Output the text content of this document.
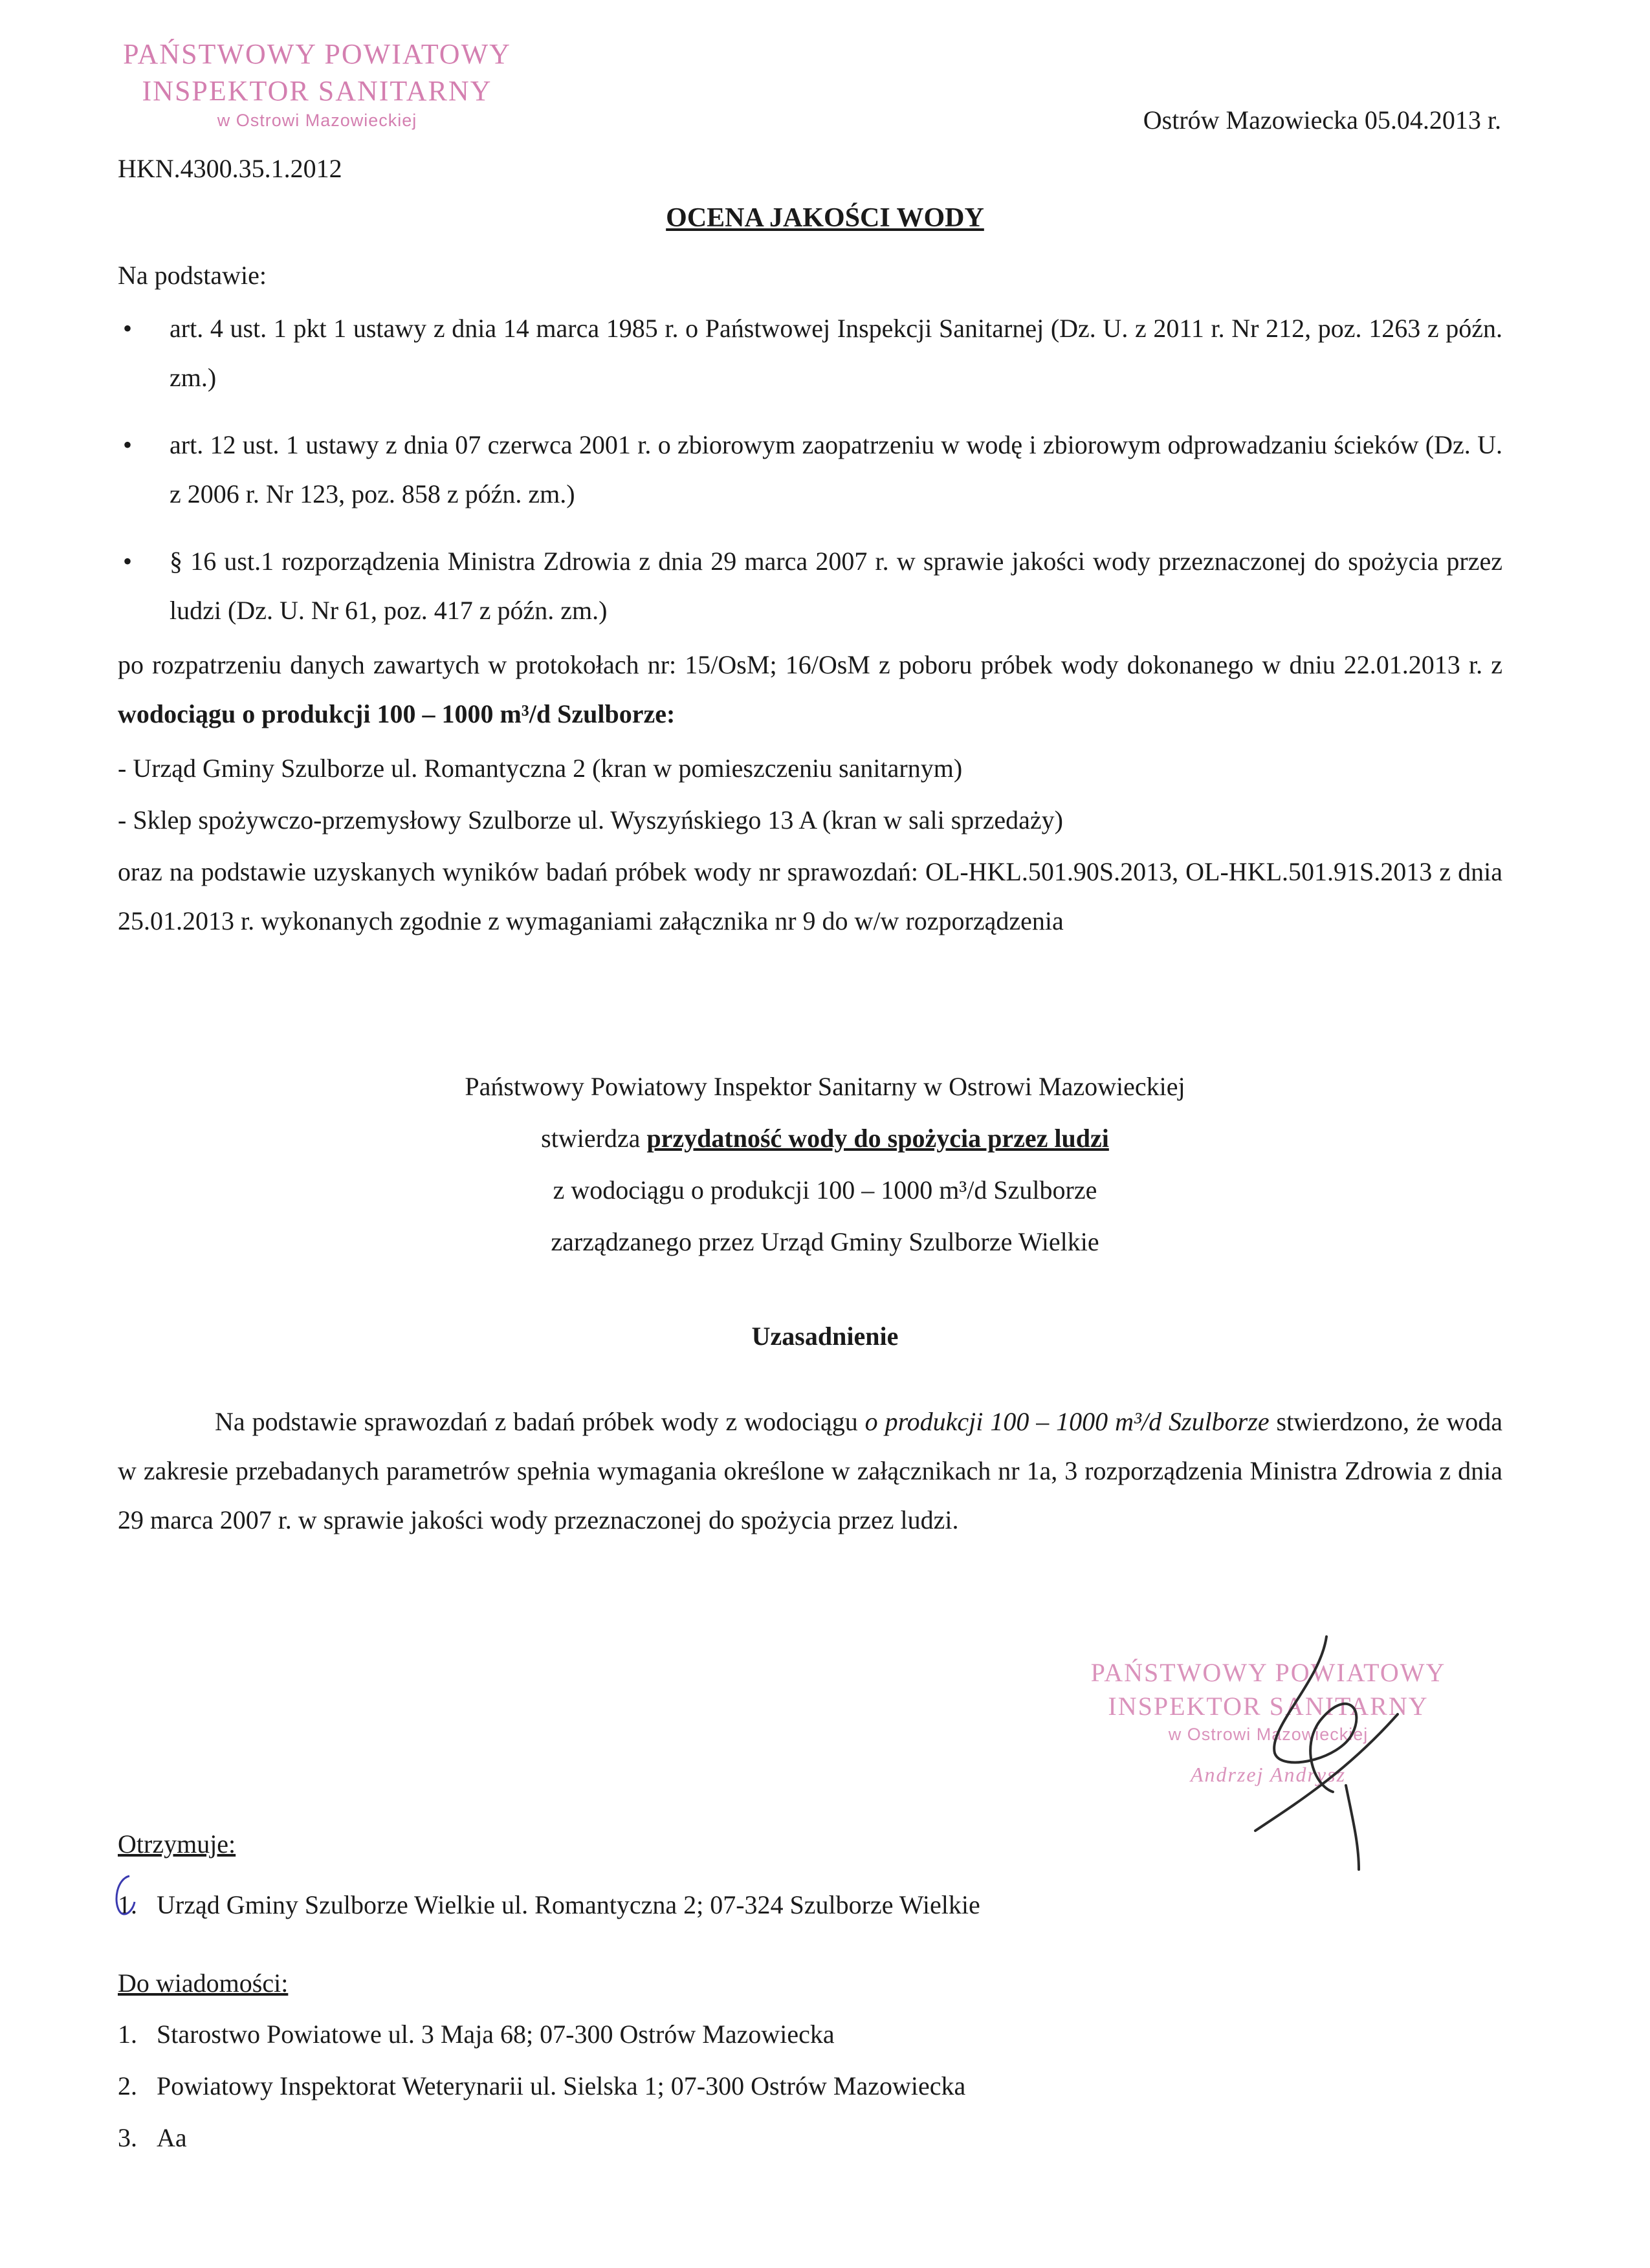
PAŃSTWOWY POWIATOWY
INSPEKTOR SANITARNY
w Ostrowi Mazowieckiej	Ostrów Mazowiecka 05.04.2013 r.
HKN.4300.35.1.2012
OCENA JAKOŚCI WODY
Na podstawie:
• art. 4 ust. 1 pkt 1 ustawy z dnia 14 marca 1985 r. o Państwowej Inspekcji Sanitarnej (Dz. U. z 2011 r. Nr 212, poz. 1263 z późn. zm.)
• art. 12 ust. 1 ustawy z dnia 07 czerwca 2001 r. o zbiorowym zaopatrzeniu w wodę i zbiorowym odprowadzaniu ścieków (Dz. U. z 2006 r. Nr 123, poz. 858 z późn. zm.)
• § 16 ust.1 rozporządzenia Ministra Zdrowia z dnia 29 marca 2007 r. w sprawie jakości wody przeznaczonej do spożycia przez ludzi (Dz. U. Nr 61, poz. 417 z późn. zm.)
po rozpatrzeniu danych zawartych w protokołach nr: 15/OsM; 16/OsM z poboru próbek wody dokonanego w dniu 22.01.2013 r. z wodociągu o produkcji 100 – 1000 m³/d Szulborze:
- Urząd Gminy Szulborze ul. Romantyczna 2 (kran w pomieszczeniu sanitarnym)
- Sklep spożywczo-przemysłowy Szulborze ul. Wyszyńskiego 13 A (kran w sali sprzedaży)
oraz na podstawie uzyskanych wyników badań próbek wody nr sprawozdań: OL-HKL.501.90S.2013, OL-HKL.501.91S.2013 z dnia 25.01.2013 r. wykonanych zgodnie z wymaganiami załącznika nr 9 do w/w rozporządzenia
Państwowy Powiatowy Inspektor Sanitarny w Ostrowi Mazowieckiej
stwierdza przydatność wody do spożycia przez ludzi
z wodociągu o produkcji 100 – 1000 m³/d Szulborze
zarządzanego przez Urząd Gminy Szulborze Wielkie
Uzasadnienie
Na podstawie sprawozdań z badań próbek wody z wodociągu o produkcji 100 – 1000 m³/d Szulborze stwierdzono, że woda w zakresie przebadanych parametrów spełnia wymagania określone w załącznikach nr 1a, 3 rozporządzenia Ministra Zdrowia z dnia 29 marca 2007 r. w sprawie jakości wody przeznaczonej do spożycia przez ludzi.
PAŃSTWOWY POWIATOWY
INSPEKTOR SANITARNY
w Ostrowi Mazowieckiej
Andrzej Andrysz
Otrzymuje:
1. Urząd Gminy Szulborze Wielkie ul. Romantyczna 2; 07-324 Szulborze Wielkie
Do wiadomości:
1. Starostwo Powiatowe ul. 3 Maja 68; 07-300 Ostrów Mazowiecka
2. Powiatowy Inspektorat Weterynarii ul. Sielska 1; 07-300 Ostrów Mazowiecka
3. Aa
